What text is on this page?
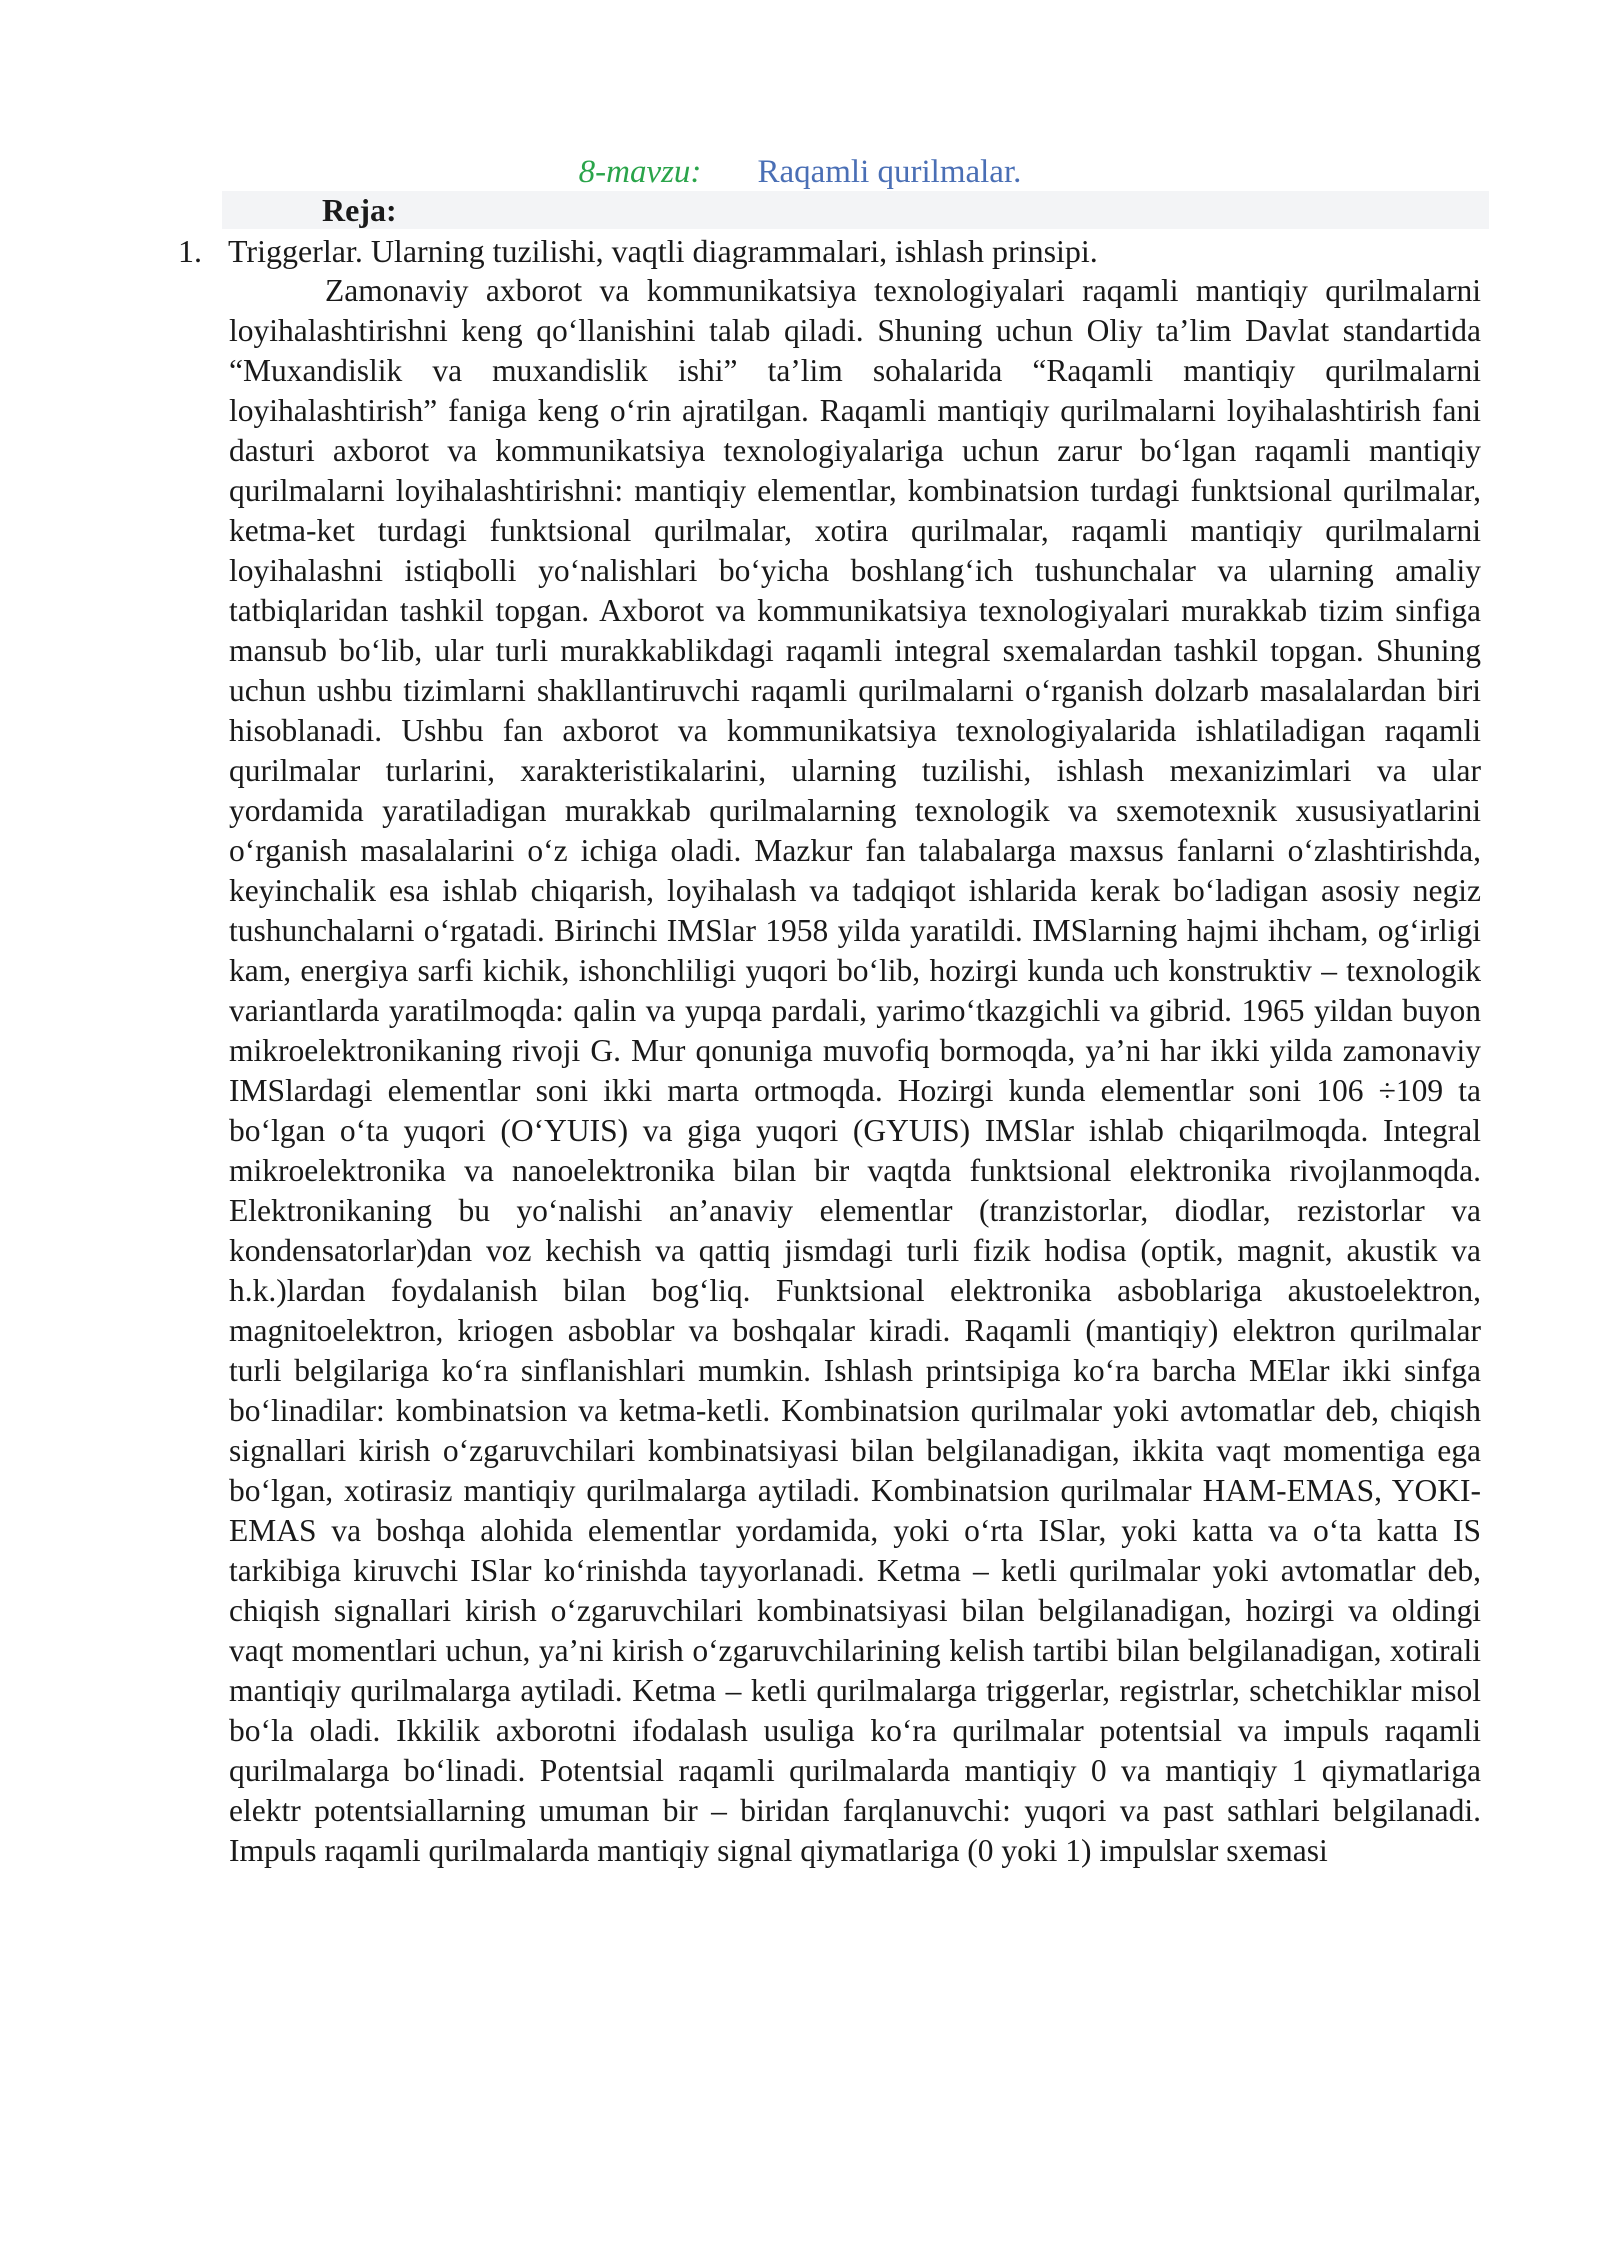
8-mavzu: Raqamli qurilmalar.
Reja:
1. Triggerlar. Ularning tuzilishi, vaqtli diagrammalari, ishlash prinsipi.

Zamonaviy axborot va kommunikatsiya texnologiyalari raqamli mantiqiy qurilmalarni loyihalashtirishni keng qo‘llanishini talab qiladi. Shuning uchun Oliy ta’lim Davlat standartida “Muxandislik va muxandislik ishi” ta’lim sohalarida “Raqamli mantiqiy qurilmalarni loyihalashtirish” faniga keng o‘rin ajratilgan. Raqamli mantiqiy qurilmalarni loyihalashtirish fani dasturi axborot va kommunikatsiya texnologiyalariga uchun zarur bo‘lgan raqamli mantiqiy qurilmalarni loyihalashtirishni: mantiqiy elementlar, kombinatsion turdagi funktsional qurilmalar, ketma-ket turdagi funktsional qurilmalar, xotira qurilmalar, raqamli mantiqiy qurilmalarni loyihalashni istiqbolli yo‘nalishlari bo‘yicha boshlang‘ich tushunchalar va ularning amaliy tatbiqlaridan tashkil topgan. Axborot va kommunikatsiya texnologiyalari murakkab tizim sinfiga mansub bo‘lib, ular turli murakkablikdagi raqamli integral sxemalardan tashkil topgan. Shuning uchun ushbu tizimlarni shakllantiruvchi raqamli qurilmalarni o‘rganish dolzarb masalalardan biri hisoblanadi. Ushbu fan axborot va kommunikatsiya texnologiyalarida ishlatiladigan raqamli qurilmalar turlarini, xarakteristikalarini, ularning tuzilishi, ishlash mexanizimlari va ular yordamida yaratiladigan murakkab qurilmalarning texnologik va sxemotexnik xususiyatlarini o‘rganish masalalarini o‘z ichiga oladi. Mazkur fan talabalarga maxsus fanlarni o‘zlashtirishda, keyinchalik esa ishlab chiqarish, loyihalash va tadqiqot ishlarida kerak bo‘ladigan asosiy negiz tushunchalarni o‘rgatadi. Birinchi IMSlar 1958 yilda yaratildi. IMSlarning hajmi ihcham, og‘irligi kam, energiya sarfi kichik, ishonchliligi yuqori bo‘lib, hozirgi kunda uch konstruktiv – texnologik variantlarda yaratilmoqda: qalin va yupqa pardali, yarimo‘tkazgichli va gibrid. 1965 yildan buyon mikroelektronikaning rivoji G. Mur qonuniga muvofiq bormoqda, ya’ni har ikki yilda zamonaviy IMSlardagi elementlar soni ikki marta ortmoqda. Hozirgi kunda elementlar soni 106 ÷109 ta bo‘lgan o‘ta yuqori (O‘YUIS) va giga yuqori (GYUIS) IMSlar ishlab chiqarilmoqda. Integral mikroelektronika va nanoelektronika bilan bir vaqtda funktsional elektronika rivojlanmoqda. Elektronikaning bu yo‘nalishi an’anaviy elementlar (tranzistorlar, diodlar, rezistorlar va kondensatorlar)dan voz kechish va qattiq jismdagi turli fizik hodisa (optik, magnit, akustik va h.k.)lardan foydalanish bilan bog‘liq. Funktsional elektronika asboblariga akustoelektron, magnitoelektron, kriogen asboblar va boshqalar kiradi. Raqamli (mantiqiy) elektron qurilmalar turli belgilariga ko‘ra sinflanishlari mumkin. Ishlash printsipiga ko‘ra barcha MElar ikki sinfga bo‘linadilar: kombinatsion va ketma-ketli. Kombinatsion qurilmalar yoki avtomatlar deb, chiqish signallari kirish o‘zgaruvchilari kombinatsiyasi bilan belgilanadigan, ikkita vaqt momentiga ega bo‘lgan, xotirasiz mantiqiy qurilmalarga aytiladi. Kombinatsion qurilmalar HAM-EMAS, YOKI-EMAS va boshqa alohida elementlar yordamida, yoki o‘rta ISlar, yoki katta va o‘ta katta IS tarkibiga kiruvchi ISlar ko‘rinishda tayyorlanadi. Ketma – ketli qurilmalar yoki avtomatlar deb, chiqish signallari kirish o‘zgaruvchilari kombinatsiyasi bilan belgilanadigan, hozirgi va oldingi vaqt momentlari uchun, ya’ni kirish o‘zgaruvchilarining kelish tartibi bilan belgilanadigan, xotirali mantiqiy qurilmalarga aytiladi. Ketma – ketli qurilmalarga triggerlar, registrlar, schetchiklar misol bo‘la oladi. Ikkilik axborotni ifodalash usuliga ko‘ra qurilmalar potentsial va impuls raqamli qurilmalarga bo‘linadi. Potentsial raqamli qurilmalarda mantiqiy 0 va mantiqiy 1 qiymatlariga elektr potentsiallarning umuman bir – biridan farqlanuvchi: yuqori va past sathlari belgilanadi. Impuls raqamli qurilmalarda mantiqiy signal qiymatlariga (0 yoki 1) impulslar sxemasi
